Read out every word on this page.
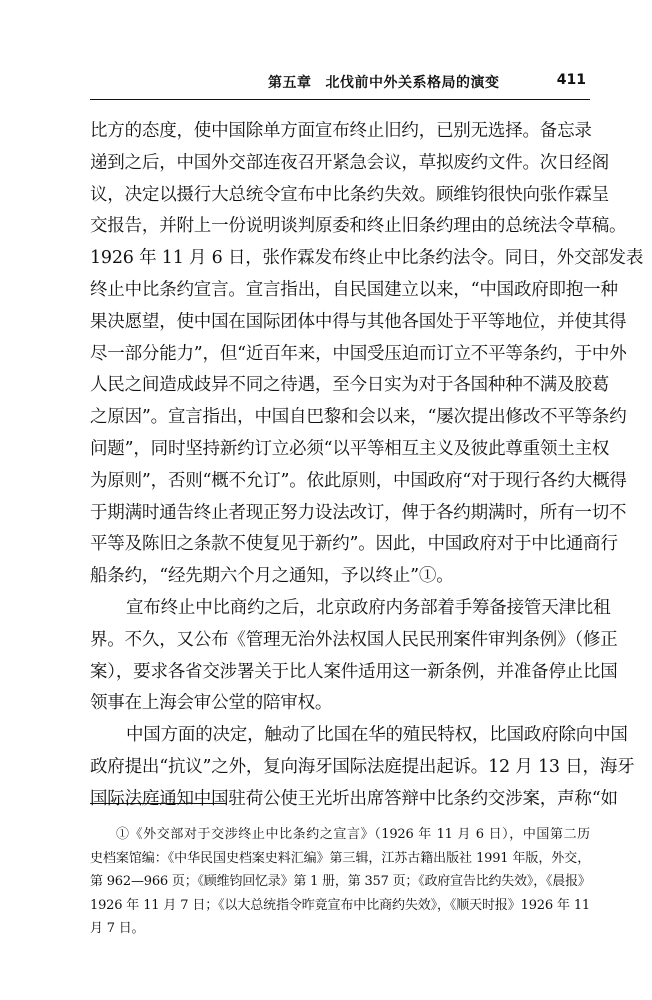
第五章 北伐前中外关系格局的演变	411
比方的态度，使中国除单方面宣布终止旧约，已别无选择。备忘录
递到之后，中国外交部连夜召开紧急会议，草拟废约文件。次日经阁
议，决定以摄行大总统令宣布中比条约失效。顾维钧很快向张作霖呈
交报告，并附上一份说明谈判原委和终止旧条约理由的总统法令草稿。
1926 年 11 月 6 日，张作霖发布终止中比条约法令。同日，外交部发表
终止中比条约宣言。宣言指出，自民国建立以来，“中国政府即抱一种
果决愿望，使中国在国际团体中得与其他各国处于平等地位，并使其得
尽一部分能力”，但“近百年来，中国受压迫而订立不平等条约，于中外
人民之间造成歧异不同之待遇，至今日实为对于各国种种不满及胶葛
之原因”。宣言指出，中国自巴黎和会以来，“屡次提出修改不平等条约
问题”，同时坚持新约订立必须“以平等相互主义及彼此尊重领土主权
为原则”，否则“概不允订”。依此原则，中国政府“对于现行各约大概得
于期满时通告终止者现正努力设法改订，俾于各约期满时，所有一切不
平等及陈旧之条款不使复见于新约”。因此，中国政府对于中比通商行
船条约，“经先期六个月之通知，予以终止”①。
宣布终止中比商约之后，北京政府内务部着手筹备接管天津比租
界。不久，又公布《管理无治外法权国人民民刑案件审判条例》（修正
案），要求各省交涉署关于比人案件适用这一新条例，并准备停止比国
领事在上海会审公堂的陪审权。
中国方面的决定，触动了比国在华的殖民特权，比国政府除向中国
政府提出“抗议”之外，复向海牙国际法庭提出起诉。12 月 13 日，海牙
国际法庭通知中国驻荷公使王光圻出席答辩中比条约交涉案，声称“如
①《外交部对于交涉终止中比条约之宣言》（1926 年 11 月 6 日），中国第二历
史档案馆编：《中华民国史档案史料汇编》第三辑，江苏古籍出版社 1991 年版，外交，
第 962—966 页；《顾维钧回忆录》第 1 册，第 357 页；《政府宣告比约失效》，《晨报》
1926 年 11 月 7 日；《以大总统指令昨竟宣布中比商约失效》，《顺天时报》1926 年 11
月 7 日。
